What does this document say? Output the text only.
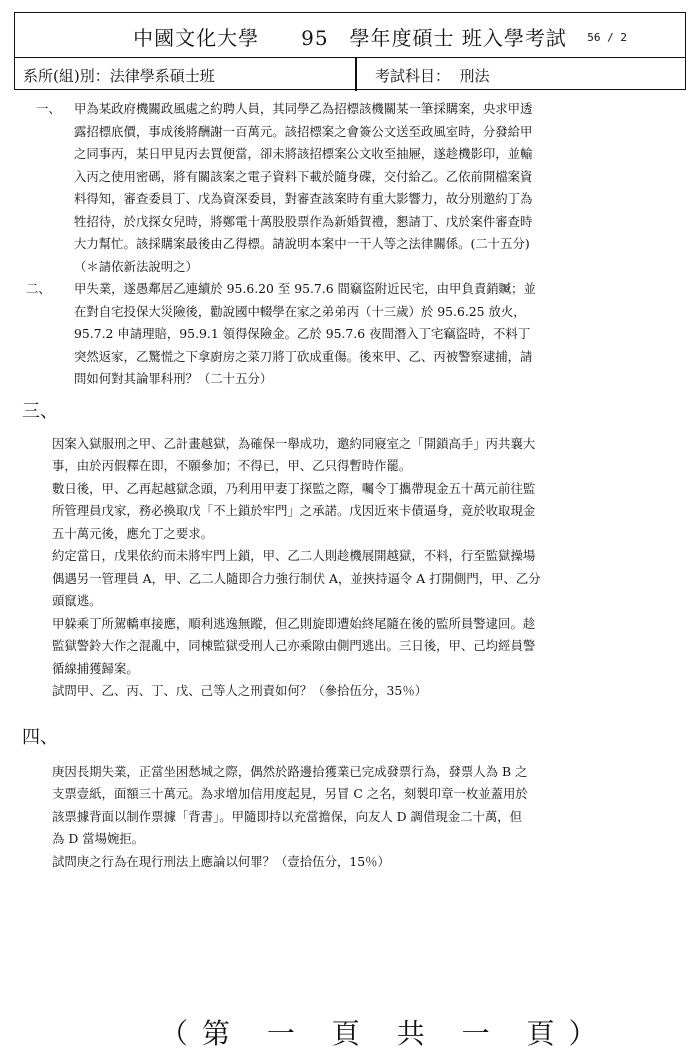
中國文化大學　　95　學年度碩士 班入學考試	56 / 2
系所(組)別：法律學系碩士班	考試科目：  刑法
一、 甲為某政府機關政風處之約聘人員，其同學乙為招標該機關某一筆採購案，央求甲透露招標底價，事成後將酬謝一百萬元。該招標案之會簽公文送至政風室時，分發給甲之同事丙，某日甲見丙去買便當，卻未將該招標案公文收至抽屜，遂趁機影印，並輸入丙之使用密碼，將有關該案之電子資料下載於隨身碟，交付給乙。乙依前開檔案資料得知，審查委員丁、戊為資深委員，對審查該案時有重大影響力，故分別邀約丁為牲招待，於戊探女兒時，將鄭電十萬股股票作為新婚賀禮，懇請丁、戊於案件審查時大力幫忙。該採購案最後由乙得標。請說明本案中一干人等之法律關係。(二十五分)（＊請依新法說明之）
二、 甲失業，遂愚鄰居乙連續於 95.6.20 至 95.7.6 間竊盜附近民宅，由甲負責銷贓；並在對自宅投保大災險後，勸說國中輟學在家之弟弟丙（十三歲）於 95.6.25 放火，95.7.2 申請理賠，95.9.1 領得保險金。乙於 95.7.6 夜間潛入丁宅竊盜時，不料丁突然返家，乙驚慌之下拿廚房之菜刀將丁砍成重傷。後來甲、乙、丙被警察逮捕，請問如何對其論罪科刑？（二十五分）
三、
因案入獄服刑之甲、乙計畫越獄，為確保一舉成功，邀約同寢室之「開鎖高手」丙共襄大事，由於丙假釋在即，不願參加；不得已，甲、乙只得暫時作罷。
數日後，甲、乙再起越獄念頭，乃利用甲妻丁探監之際，囑令丁攜帶現金五十萬元前往監所管理員戊家，務必換取戊「不上鎖於牢門」之承諾。戊因近來卡債逼身，竟於收取現金五十萬元後，應允丁之要求。
約定當日，戊果依約而未將牢門上鎖，甲、乙二人則趁機展開越獄，不料，行至監獄操場偶遇另一管理員 A，甲、乙二人隨即合力強行制伏 A，並挾持逼令 A 打開側門，甲、乙分頭竄逃。
甲躲乘丁所駕轎車接應，順利逃逸無蹤，但乙則旋即遭始終尾隨在後的監所員警逮回。趁監獄警鈴大作之混亂中，同棟監獄受刑人己亦乘隙由側門逃出。三日後，甲、己均經員警循線捕獲歸案。
試問甲、乙、丙、丁、戊、己等人之刑責如何？（參拾伍分，35％）
四、
庚因長期失業，正當坐困愁城之際，偶然於路邊拾獲業已完成發票行為，發票人為 B 之支票壹紙，面額三十萬元。為求增加信用度起見，另冒 C 之名，刻製印章一枚並蓋用於該票據背面以制作票據「背書」。甲隨即持以充當擔保，向友人 D 調借現金二十萬，但為 D 當場婉拒。
試問庚之行為在現行刑法上應論以何罪？（壹拾伍分，15％）
（第 一 頁 共 一 頁）
